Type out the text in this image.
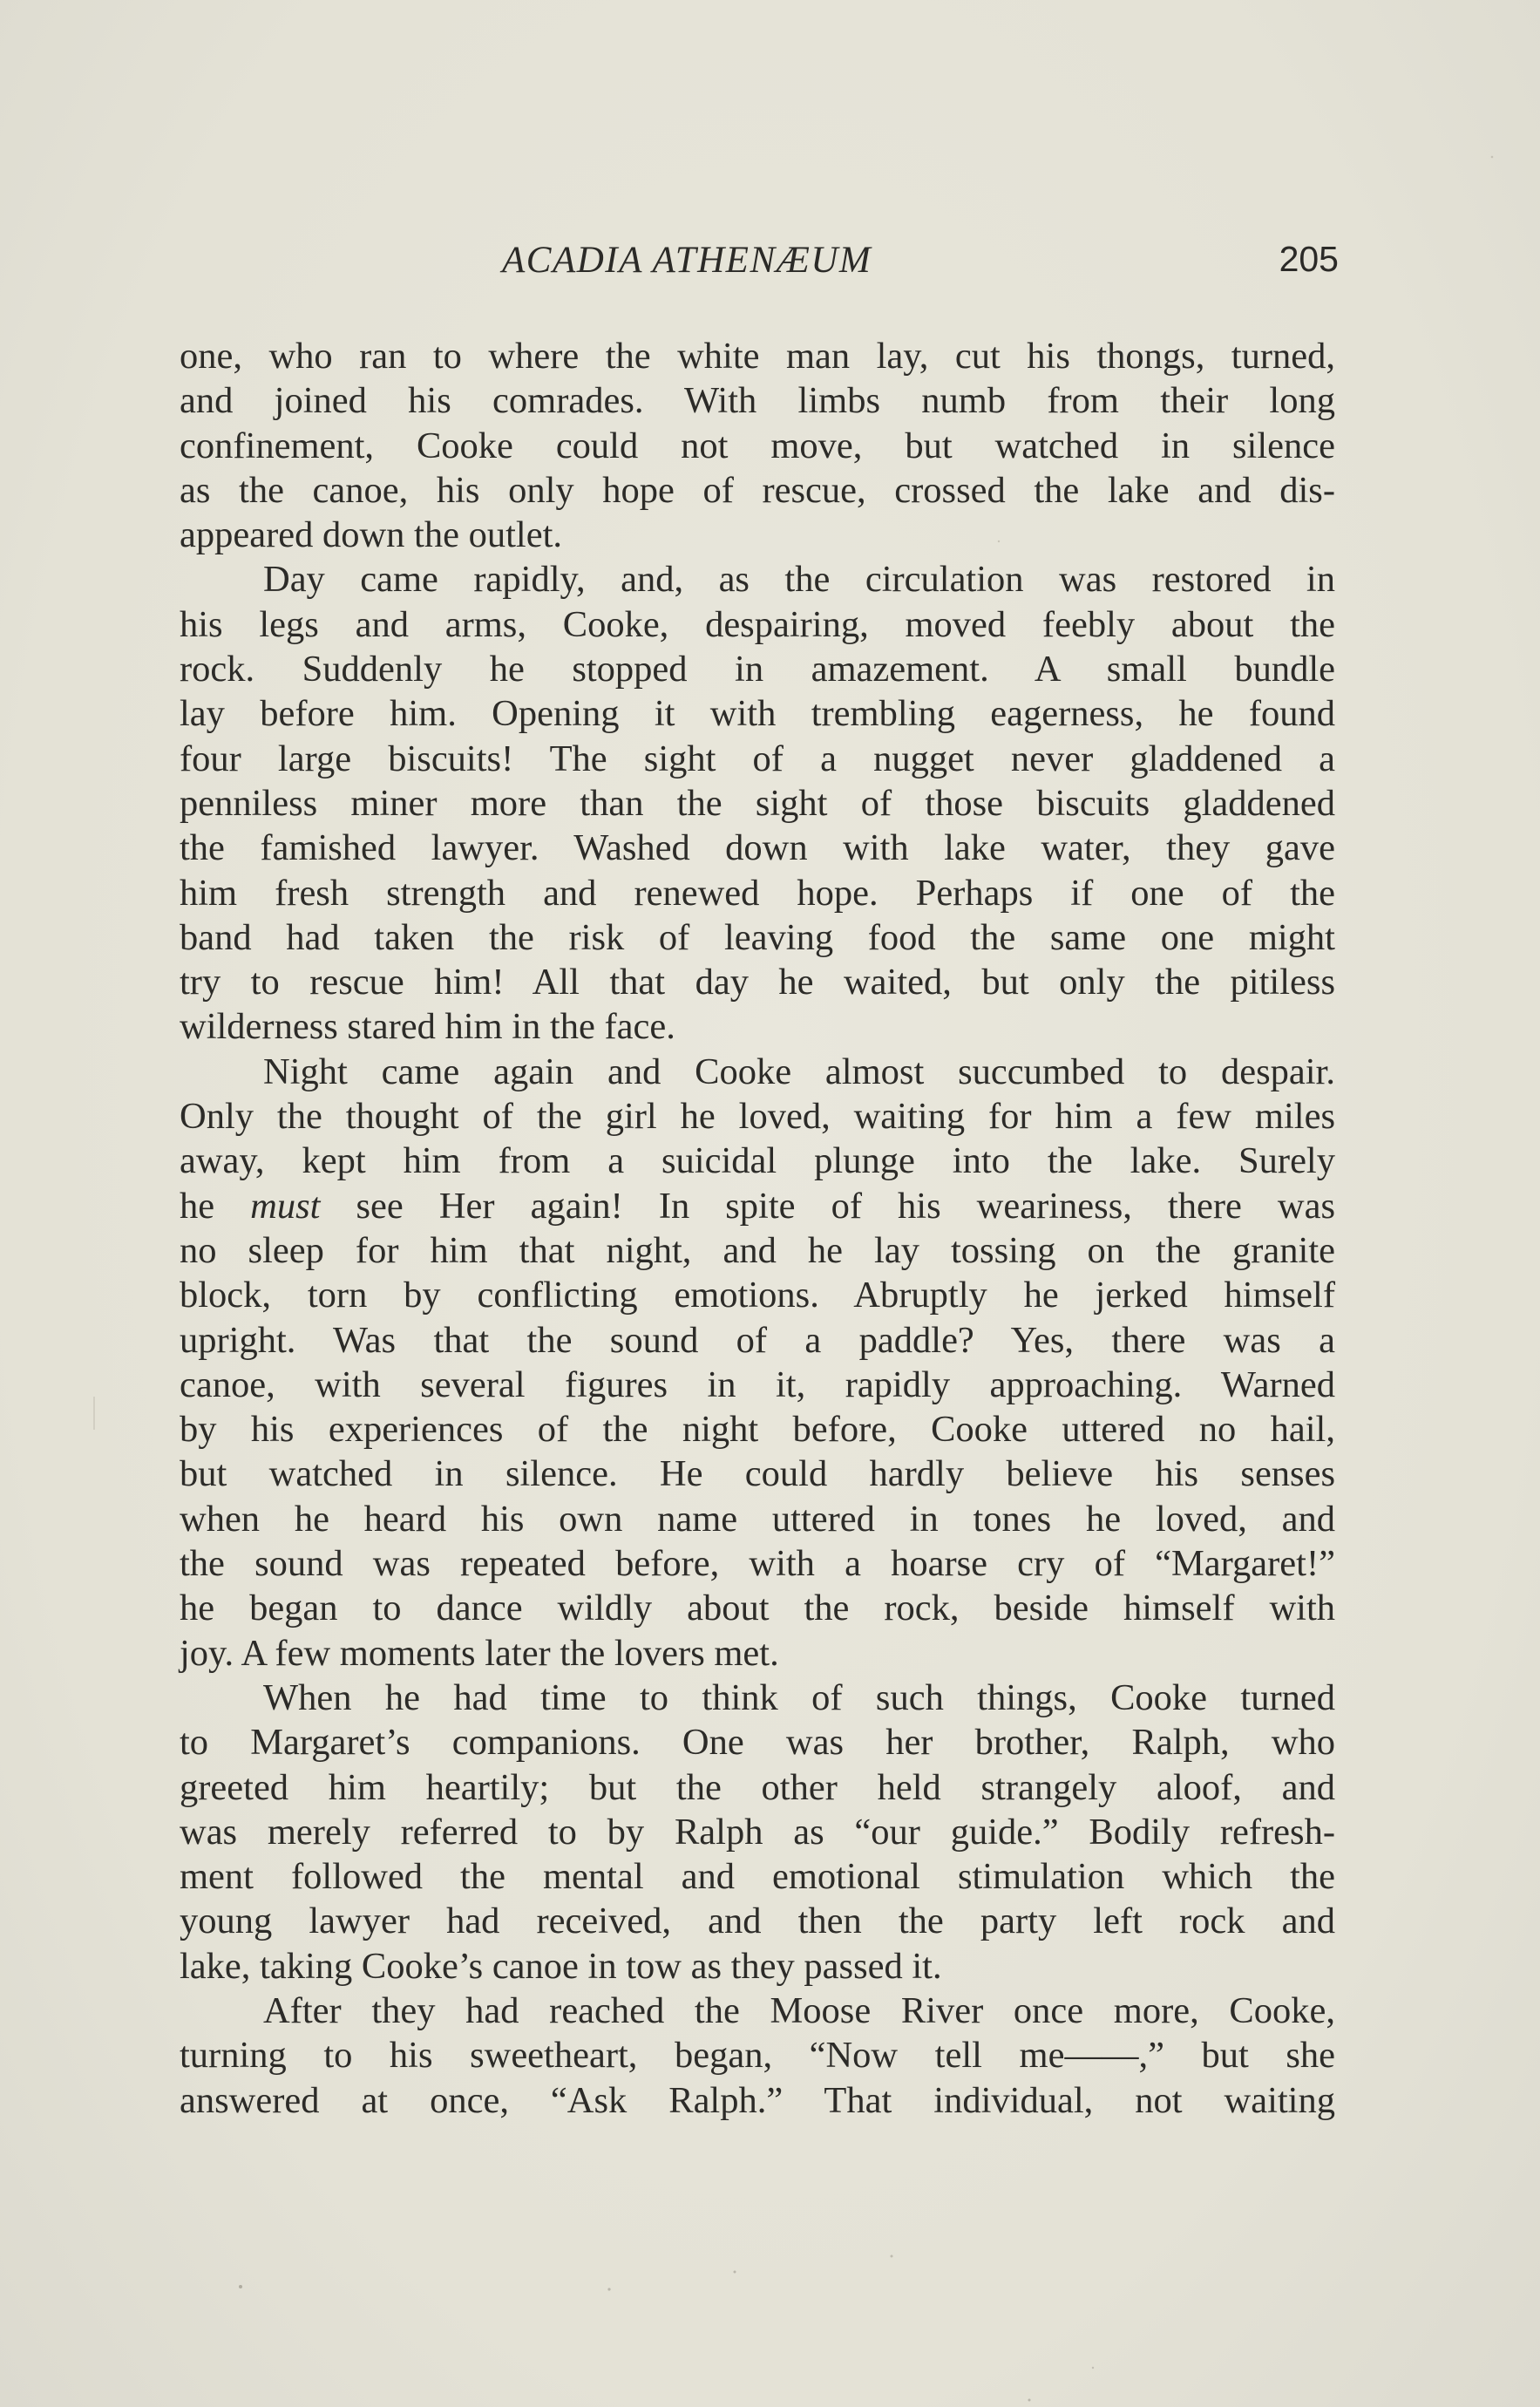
ACADIA ATHENÆUM	205
one, who ran to where the white man lay, cut his thongs, turned,
and joined his comrades. With limbs numb from their long
confinement, Cooke could not move, but watched in silence
as the canoe, his only hope of rescue, crossed the lake and dis-
appeared down the outlet.
Day came rapidly, and, as the circulation was restored in
his legs and arms, Cooke, despairing, moved feebly about the
rock. Suddenly he stopped in amazement. A small bundle
lay before him. Opening it with trembling eagerness, he found
four large biscuits! The sight of a nugget never gladdened a
penniless miner more than the sight of those biscuits gladdened
the famished lawyer. Washed down with lake water, they gave
him fresh strength and renewed hope. Perhaps if one of the
band had taken the risk of leaving food the same one might
try to rescue him! All that day he waited, but only the pitiless
wilderness stared him in the face.
Night came again and Cooke almost succumbed to despair.
Only the thought of the girl he loved, waiting for him a few miles
away, kept him from a suicidal plunge into the lake. Surely
he must see Her again! In spite of his weariness, there was
no sleep for him that night, and he lay tossing on the granite
block, torn by conflicting emotions. Abruptly he jerked himself
upright. Was that the sound of a paddle? Yes, there was a
canoe, with several figures in it, rapidly approaching. Warned
by his experiences of the night before, Cooke uttered no hail,
but watched in silence. He could hardly believe his senses
when he heard his own name uttered in tones he loved, and
the sound was repeated before, with a hoarse cry of “Margaret!”
he began to dance wildly about the rock, beside himself with
joy. A few moments later the lovers met.
When he had time to think of such things, Cooke turned
to Margaret’s companions. One was her brother, Ralph, who
greeted him heartily; but the other held strangely aloof, and
was merely referred to by Ralph as “our guide.” Bodily refresh-
ment followed the mental and emotional stimulation which the
young lawyer had received, and then the party left rock and
lake, taking Cooke’s canoe in tow as they passed it.
After they had reached the Moose River once more, Cooke,
turning to his sweetheart, began, “Now tell me——,” but she
answered at once, “Ask Ralph.” That individual, not waiting
